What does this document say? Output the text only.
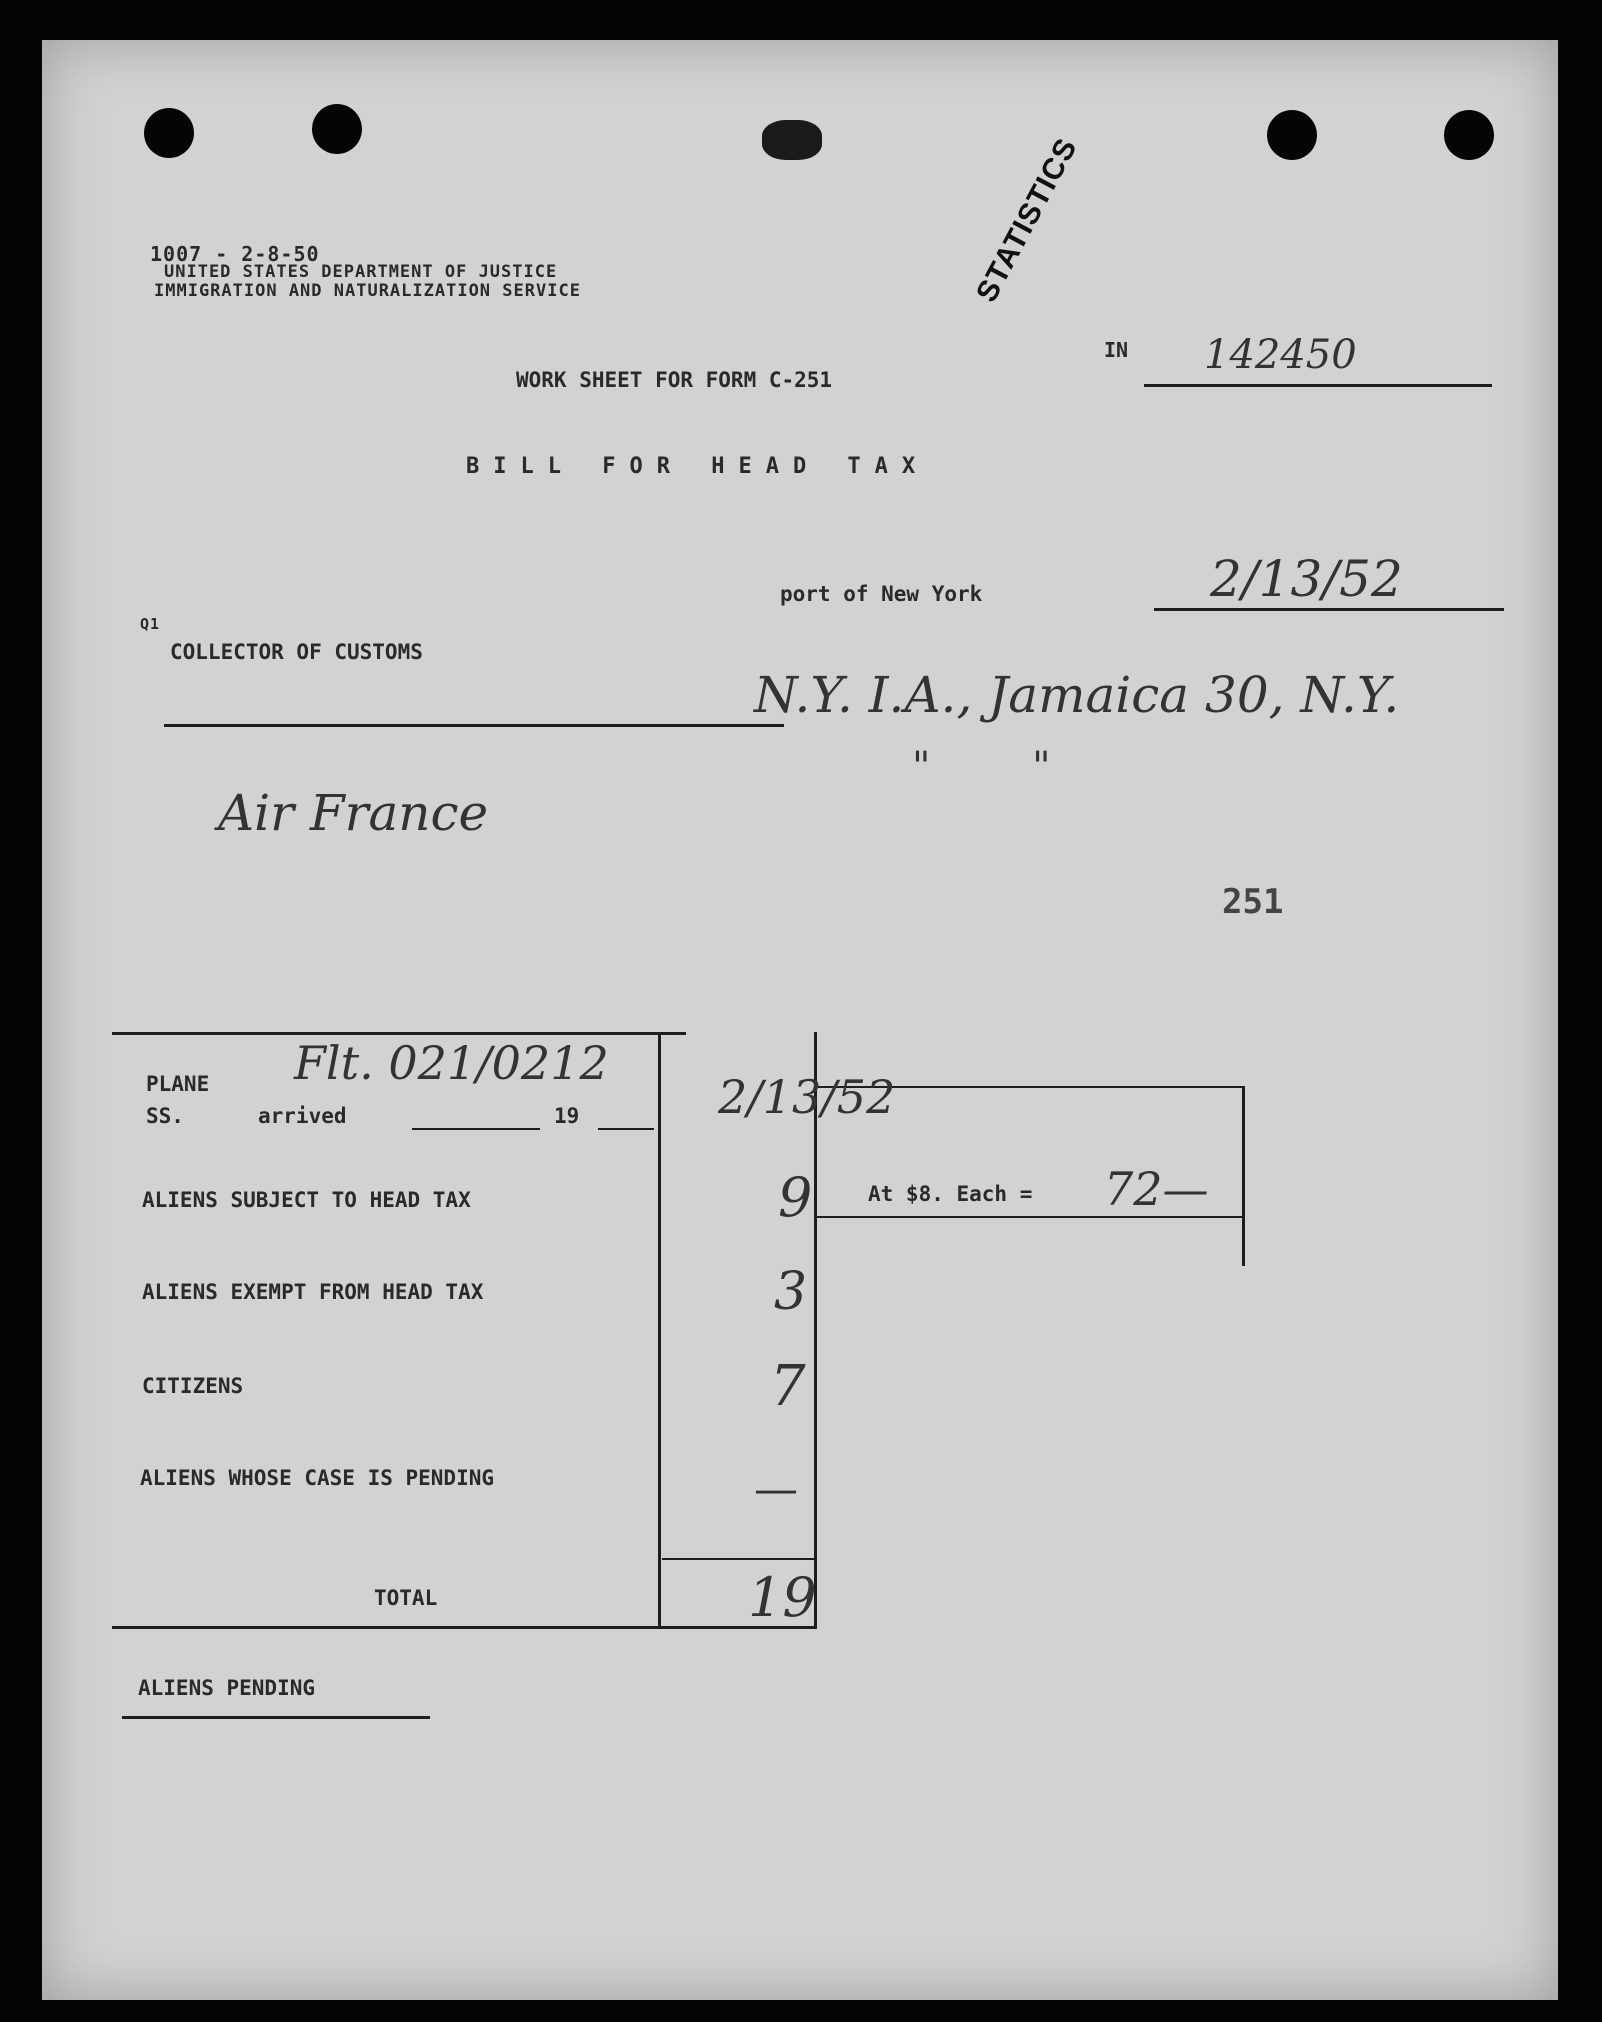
1007 - 2-8-50
UNITED STATES DEPARTMENT OF JUSTICE
IMMIGRATION AND NATURALIZATION SERVICE	STATISTICS
IN 142450
WORK SHEET FOR FORM C-251
BILL FOR HEAD TAX
port of New York	2/13/52
Q1
COLLECTOR OF CUSTOMS
N.Y. I.A., Jamaica 30, N.Y.
"        "
Air France
251
PLANE
SS.	arrived	19
Flt. 021/0212
2/13/52
ALIENS SUBJECT TO HEAD TAX	9
ALIENS EXEMPT FROM HEAD TAX	3
CITIZENS	7
ALIENS WHOSE CASE IS PENDING	—
TOTAL	19
At $8. Each = 72—
ALIENS PENDING
